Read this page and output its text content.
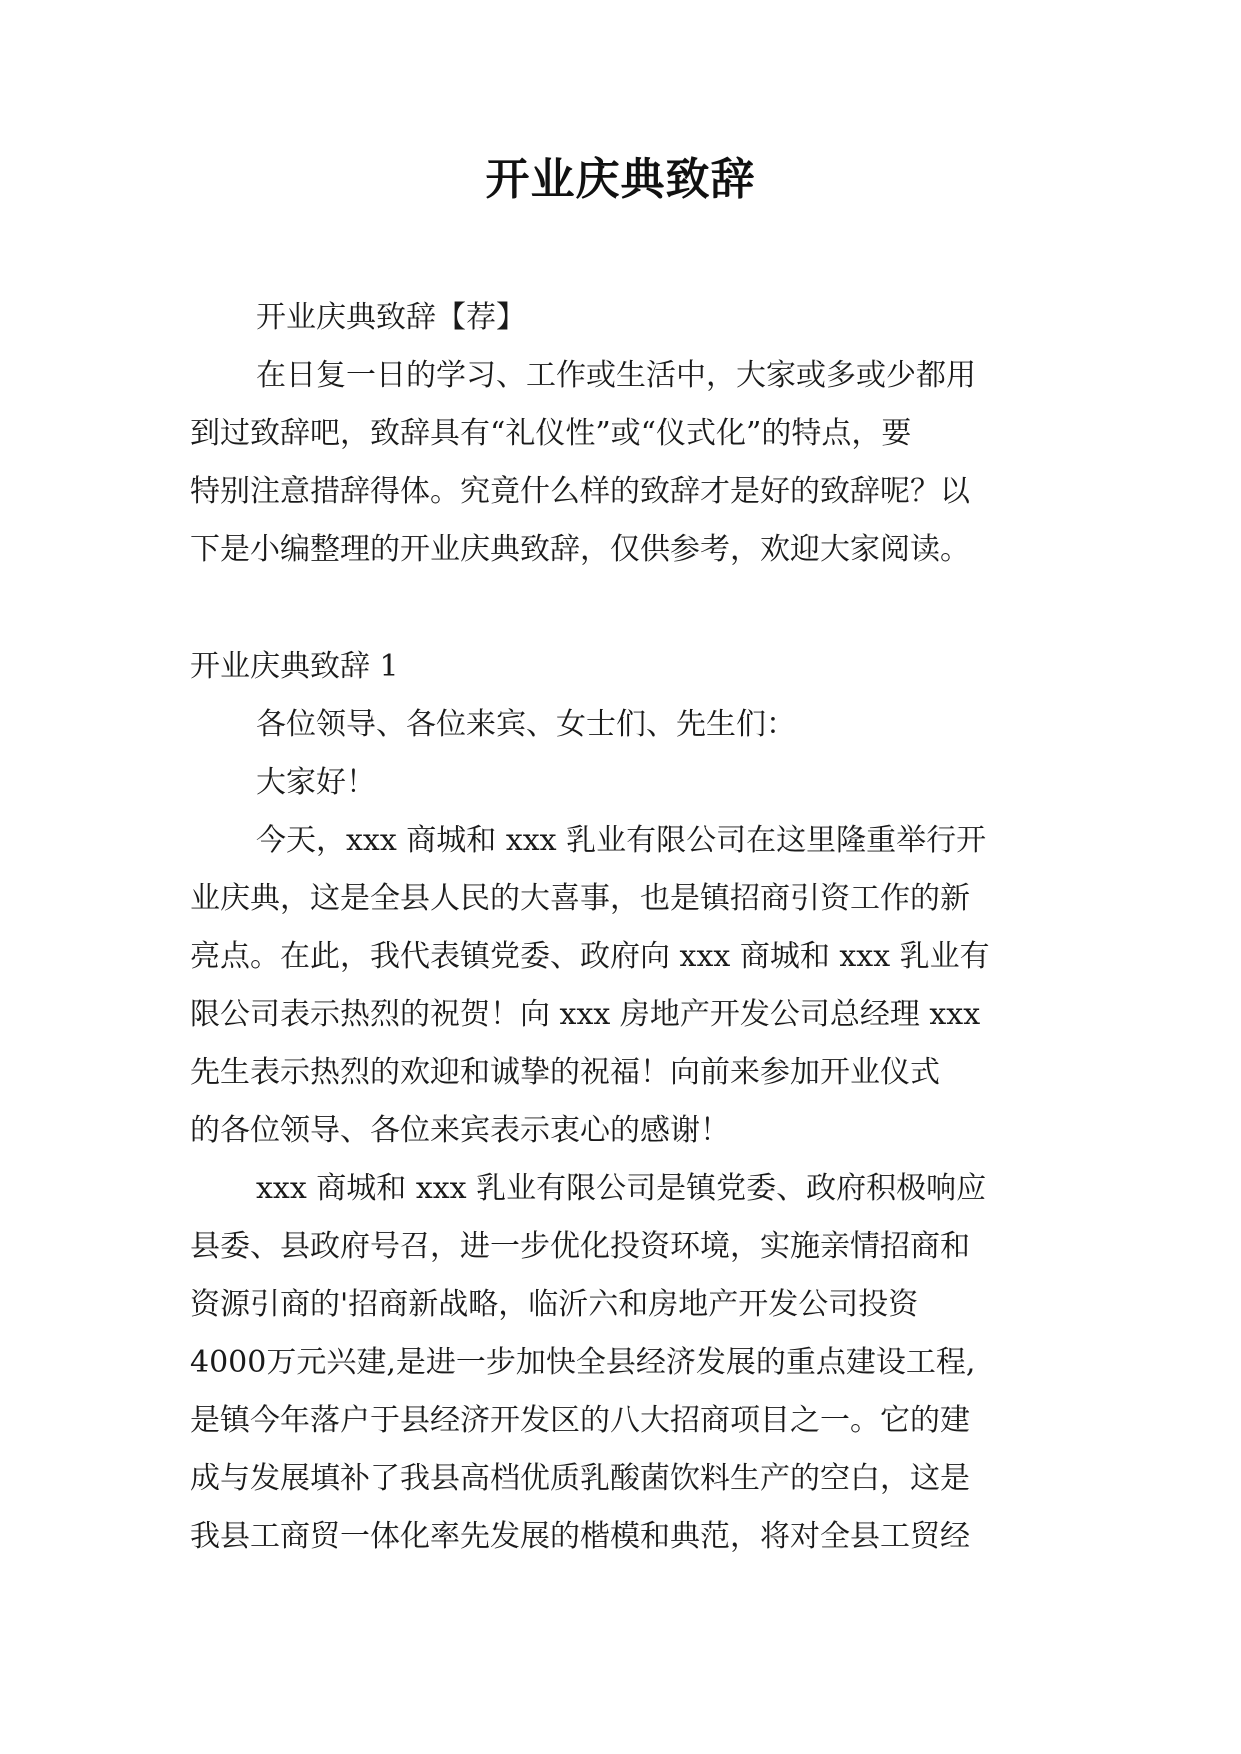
开业庆典致辞
开业庆典致辞【荐】
在日复一日的学习、工作或生活中，大家或多或少都用
到过致辞吧，致辞具有“礼仪性”或“仪式化”的特点，要
特别注意措辞得体。究竟什么样的致辞才是好的致辞呢？以
下是小编整理的开业庆典致辞，仅供参考，欢迎大家阅读。
开业庆典致辞 1
各位领导、各位来宾、女士们、先生们：
大家好！
今天，xxx 商城和 xxx 乳业有限公司在这里隆重举行开
业庆典，这是全县人民的大喜事，也是镇招商引资工作的新
亮点。在此，我代表镇党委、政府向 xxx 商城和 xxx 乳业有
限公司表示热烈的祝贺！向 xxx 房地产开发公司总经理 xxx
先生表示热烈的欢迎和诚挚的祝福！向前来参加开业仪式
的各位领导、各位来宾表示衷心的感谢！
xxx 商城和 xxx 乳业有限公司是镇党委、政府积极响应
县委、县政府号召，进一步优化投资环境，实施亲情招商和
资源引商的'招商新战略，临沂六和房地产开发公司投资
4000万元兴建,是进一步加快全县经济发展的重点建设工程,
是镇今年落户于县经济开发区的八大招商项目之一。它的建
成与发展填补了我县高档优质乳酸菌饮料生产的空白，这是
我县工商贸一体化率先发展的楷模和典范，将对全县工贸经
